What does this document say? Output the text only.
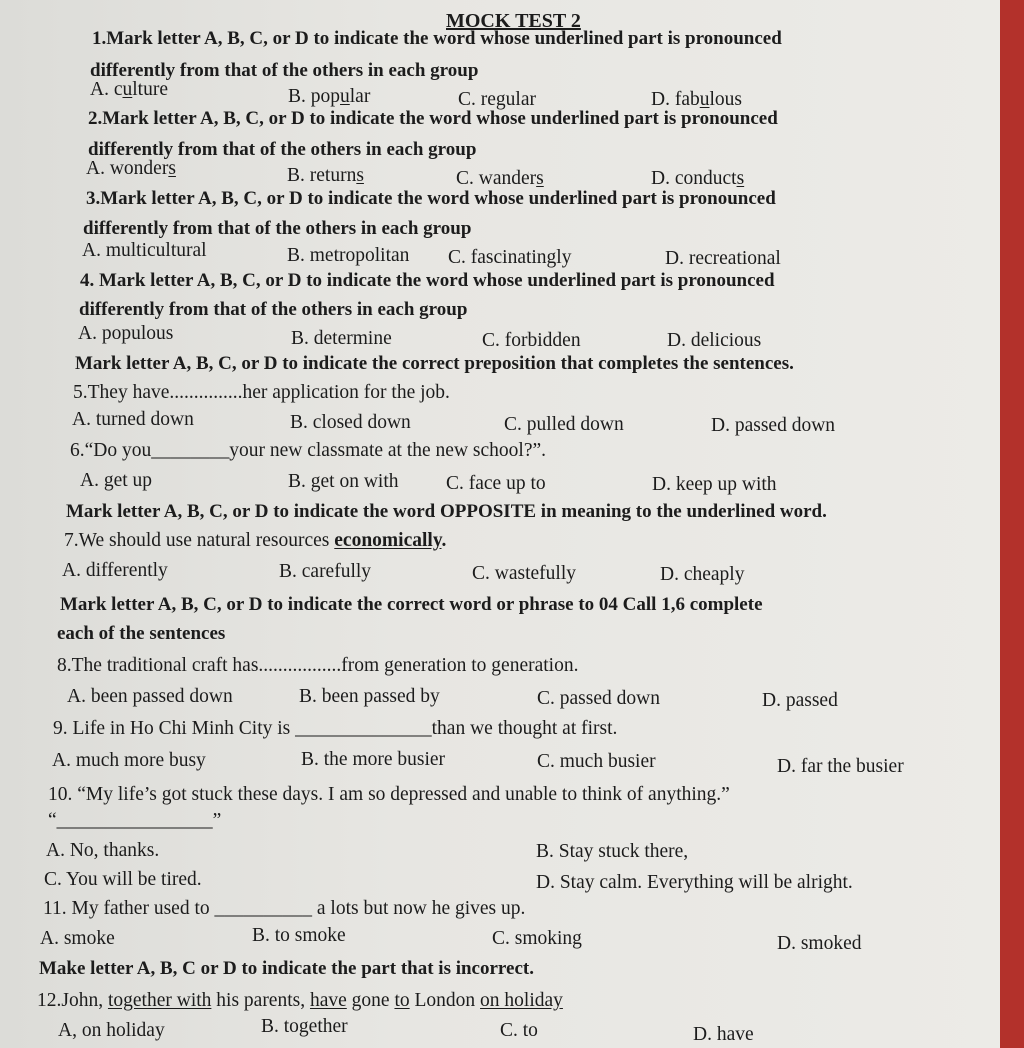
MOCK TEST 2
1.Mark letter A, B, C, or D to indicate the word whose underlined part is pronounced
differently from that of the others in each group
A. culture	B. popular	C. regular	D. fabulous
2.Mark letter A, B, C, or D to indicate the word whose underlined part is pronounced
differently from that of the others in each group
A. wonders	B. returns	C. wanders	D. conducts
3.Mark letter A, B, C, or D to indicate the word whose underlined part is pronounced
differently from that of the others in each group
A. multicultural	B. metropolitan C. fascinatingly	D. recreational
4. Mark letter A, B, C, or D to indicate the word whose underlined part is pronounced
differently from that of the others in each group
A. populous	B. determine	C. forbidden	D. delicious
Mark letter A, B, C, or D to indicate the correct preposition that completes the sentences.
5.They have...............her application for the job.
A. turned down	B. closed down	C. pulled down	D. passed down
6.“Do you________your new classmate at the new school?”.
A. get up	B. get on with C. face up to	D. keep up with
Mark letter A, B, C, or D to indicate the word OPPOSITE in meaning to the underlined word.
7.We should use natural resources economically.
A. differently	B. carefully	C. wastefully	D. cheaply
Mark letter A, B, C, or D to indicate the correct word or phrase to 04 Call 1,6 complete
each of the sentences
8.The traditional craft has.................from generation to generation.
A. been passed down	B. been passed by	C. passed down	D. passed
9. Life in Ho Chi Minh City is ______________than we thought at first.
A. much more busy	B. the more busier	C. much busier	D. far the busier
10. “My life’s got stuck these days. I am so depressed and unable to think of anything.”
“________________”
A. No, thanks.	B. Stay stuck there,
C. You will be tired.	D. Stay calm. Everything will be alright.
11. My father used to __________ a lots but now he gives up.
A. smoke	B. to smoke	C. smoking	D. smoked
Make letter A, B, C or D to indicate the part that is incorrect.
12.John, together with his parents, have gone to London on holiday
A, on holiday	B. together	C. to	D. have
